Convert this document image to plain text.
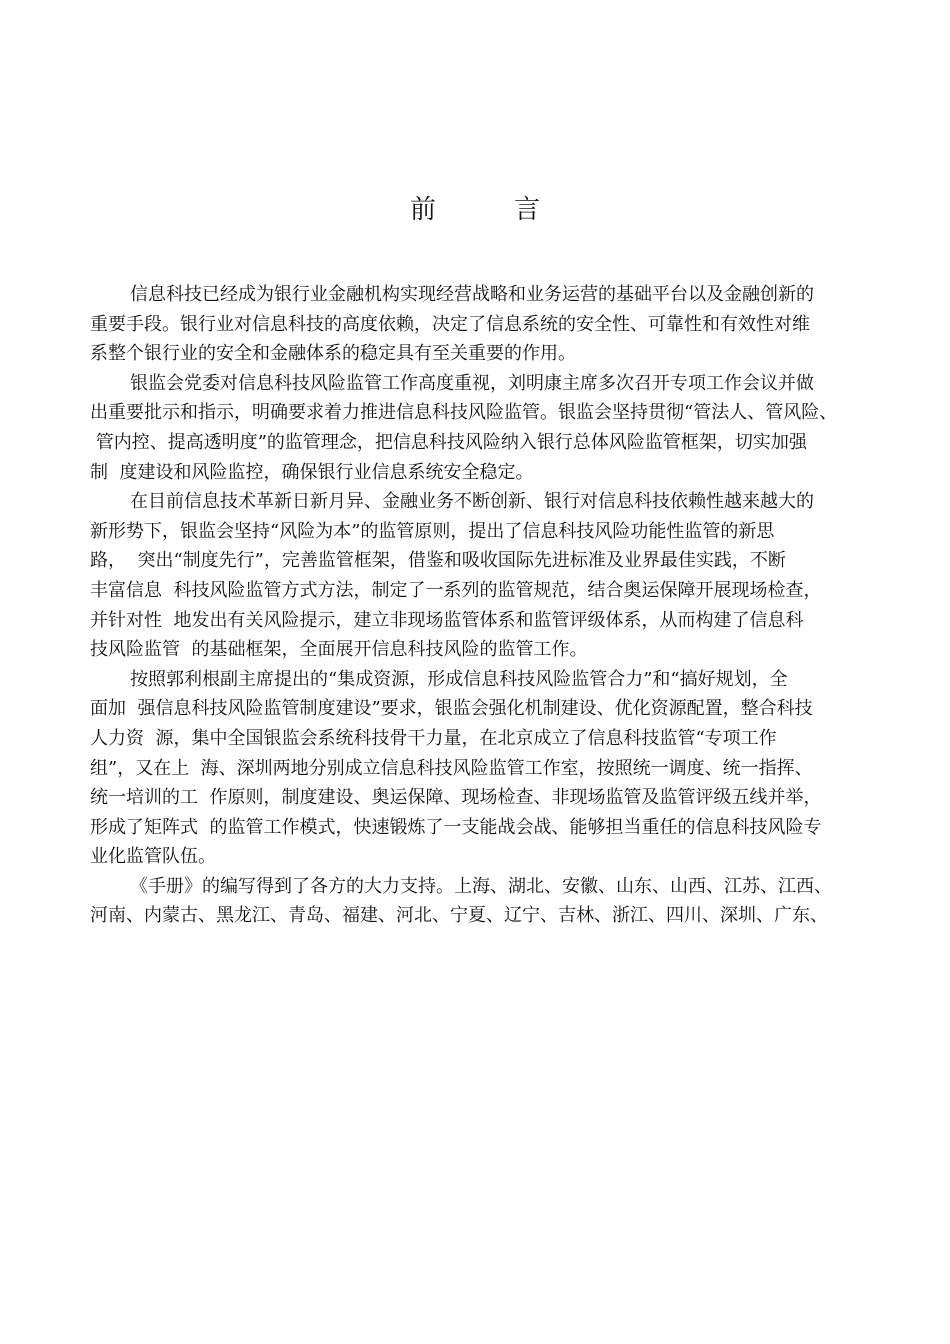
前　言
信息科技已经成为银行业金融机构实现经营战略和业务运营的基础平台以及金融创新的
重要手段。银行业对信息科技的高度依赖，决定了信息系统的安全性、可靠性和有效性对维
系整个银行业的安全和金融体系的稳定具有至关重要的作用。
银监会党委对信息科技风险监管工作高度重视，刘明康主席多次召开专项工作会议并做
出重要批示和指示，明确要求着力推进信息科技风险监管。银监会坚持贯彻“管法人、管风险、
管内控、提高透明度”的监管理念，把信息科技风险纳入银行总体风险监管框架，切实加强
制  度建设和风险监控，确保银行业信息系统安全稳定。
在目前信息技术革新日新月异、金融业务不断创新、银行对信息科技依赖性越来越大的
新形势下，银监会坚持“风险为本”的监管原则，提出了信息科技风险功能性监管的新思
路，  突出“制度先行”，完善监管框架，借鉴和吸收国际先进标准及业界最佳实践，不断
丰富信息  科技风险监管方式方法，制定了一系列的监管规范，结合奥运保障开展现场检查，
并针对性  地发出有关风险提示，建立非现场监管体系和监管评级体系，从而构建了信息科
技风险监管  的基础框架，全面展开信息科技风险的监管工作。
按照郭利根副主席提出的“集成资源，形成信息科技风险监管合力”和“搞好规划，全
面加  强信息科技风险监管制度建设”要求，银监会强化机制建设、优化资源配置，整合科技
人力资  源，集中全国银监会系统科技骨干力量，在北京成立了信息科技监管“专项工作
组”，又在上  海、深圳两地分别成立信息科技风险监管工作室，按照统一调度、统一指挥、
统一培训的工  作原则，制度建设、奥运保障、现场检查、非现场监管及监管评级五线并举，
形成了矩阵式  的监管工作模式，快速锻炼了一支能战会战、能够担当重任的信息科技风险专
业化监管队伍。
《手册》的编写得到了各方的大力支持。上海、湖北、安徽、山东、山西、江苏、江西、
河南、内蒙古、黑龙江、青岛、福建、河北、宁夏、辽宁、吉林、浙江、四川、深圳、广东、
